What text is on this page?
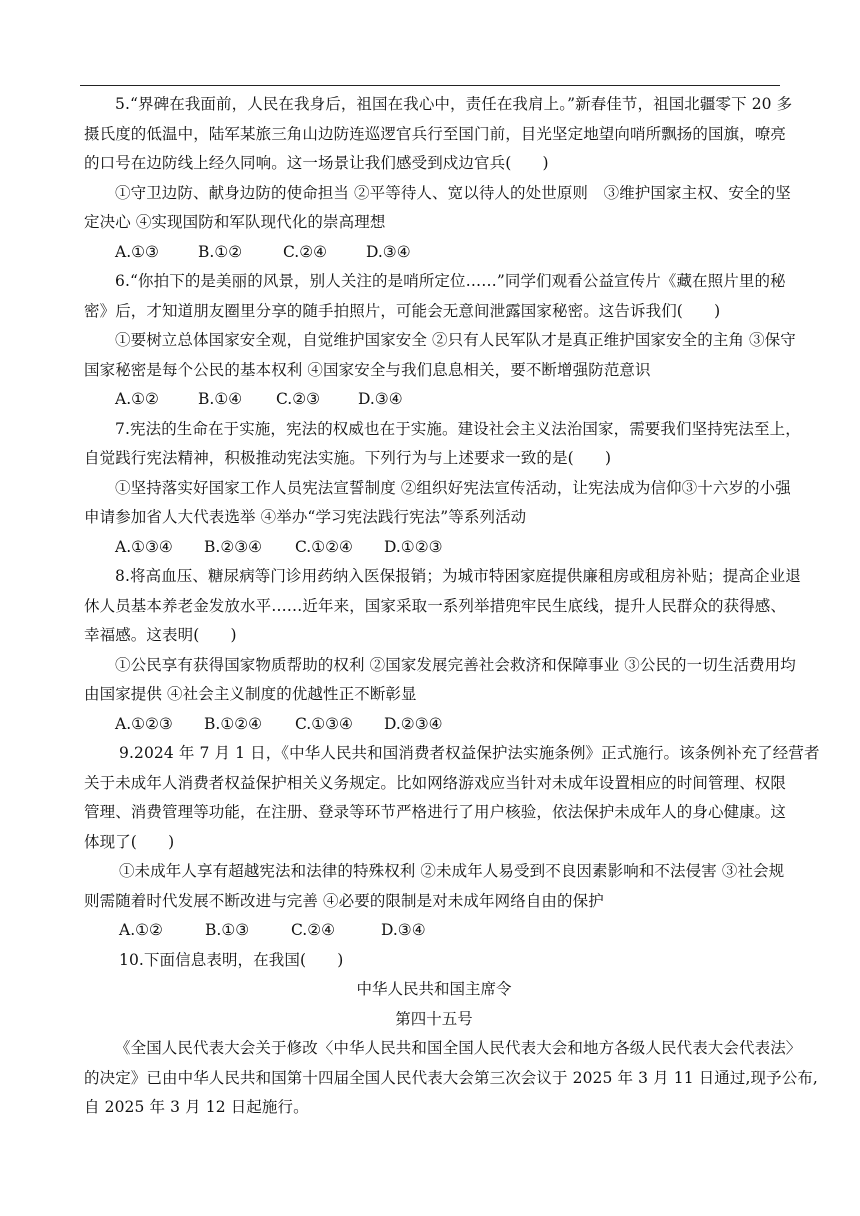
5.“界碑在我面前，人民在我身后，祖国在我心中，责任在我肩上。”新春佳节，祖国北疆零下 20 多

摄氏度的低温中，陆军某旅三角山边防连巡逻官兵行至国门前，目光坚定地望向哨所飘扬的国旗，嘹亮

的口号在边防线上经久同响。这一场景让我们感受到戍边官兵(　　)

①守卫边防、献身边防的使命担当 ②平等待人、宽以待人的处世原则　③维护国家主权、安全的坚

定决心 ④实现国防和军队现代化的崇高理想

A.①③	B.①②	C.②④	D.③④

6.“你拍下的是美丽的风景，别人关注的是哨所定位……”同学们观看公益宣传片《藏在照片里的秘

密》后，才知道朋友圈里分享的随手拍照片，可能会无意间泄露国家秘密。这告诉我们(　　)

①要树立总体国家安全观，自觉维护国家安全 ②只有人民军队才是真正维护国家安全的主角 ③保守

国家秘密是每个公民的基本权利 ④国家安全与我们息息相关，要不断增强防范意识

A.①②	B.①④	C.②③	D.③④

7.宪法的生命在于实施，宪法的权威也在于实施。建设社会主义法治国家，需要我们坚持宪法至上，

自觉践行宪法精神，积极推动宪法实施。下列行为与上述要求一致的是(　　)

①坚持落实好国家工作人员宪法宣誓制度 ②组织好宪法宣传活动，让宪法成为信仰③十六岁的小强

申请参加省人大代表选举 ④举办“学习宪法践行宪法”等系列活动

A.①③④	B.②③④	C.①②④	D.①②③

8.将高血压、糖尿病等门诊用药纳入医保报销；为城市特困家庭提供廉租房或租房补贴；提高企业退

休人员基本养老金发放水平……近年来，国家采取一系列举措兜牢民生底线，提升人民群众的获得感、

幸福感。这表明(　　)

①公民享有获得国家物质帮助的权利 ②国家发展完善社会救济和保障事业 ③公民的一切生活费用均

由国家提供 ④社会主义制度的优越性正不断彰显

A.①②③	B.①②④	C.①③④	D.②③④

9.2024 年 7 月 1 日，《中华人民共和国消费者权益保护法实施条例》正式施行。该条例补充了经营者

关于未成年人消费者权益保护相关义务规定。比如网络游戏应当针对未成年设置相应的时间管理、权限

管理、消费管理等功能，在注册、登录等环节严格进行了用户核验，依法保护未成年人的身心健康。这

体现了(　　)

①未成年人享有超越宪法和法律的特殊权利 ②未成年人易受到不良因素影响和不法侵害 ③社会规

则需随着时代发展不断改进与完善 ④必要的限制是对未成年网络自由的保护

A.①②	B.①③	C.②④	D.③④

10.下面信息表明，在我国(　　)

中华人民共和国主席令

第四十五号

《全国人民代表大会关于修改〈中华人民共和国全国人民代表大会和地方各级人民代表大会代表法〉

的决定》已由中华人民共和国第十四届全国人民代表大会第三次会议于 2025 年 3 月 11 日通过,现予公布,

自 2025 年 3 月 12 日起施行。
